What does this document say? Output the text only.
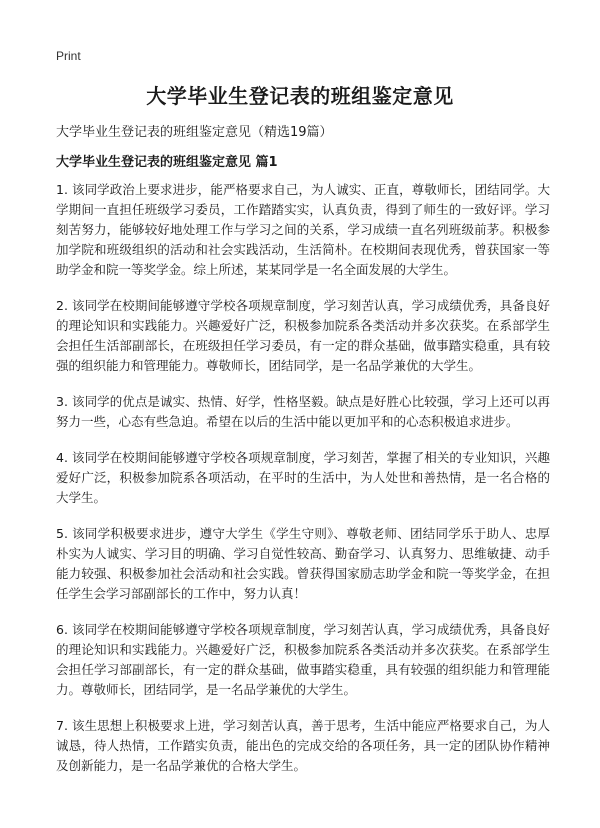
Print
大学毕业生登记表的班组鉴定意见

大学毕业生登记表的班组鉴定意见（精选19篇）

大学毕业生登记表的班组鉴定意见 篇1

1. 该同学政治上要求进步，能严格要求自己，为人诚实、正直，尊敬师长，团结同学。大学期间一直担任班级学习委员，工作踏踏实实，认真负责，得到了师生的一致好评。学习刻苦努力，能够较好地处理工作与学习之间的关系，学习成绩一直名列班级前茅。积极参加学院和班级组织的活动和社会实践活动，生活简朴。在校期间表现优秀，曾获国家一等助学金和院一等奖学金。综上所述，某某同学是一名全面发展的大学生。

2. 该同学在校期间能够遵守学校各项规章制度，学习刻苦认真，学习成绩优秀，具备良好的理论知识和实践能力。兴趣爱好广泛，积极参加院系各类活动并多次获奖。在系部学生会担任生活部副部长，在班级担任学习委员，有一定的群众基础，做事踏实稳重，具有较强的组织能力和管理能力。尊敬师长，团结同学，是一名品学兼优的大学生。

3. 该同学的优点是诚实、热情、好学，性格坚毅。缺点是好胜心比较强，学习上还可以再努力一些，心态有些急迫。希望在以后的生活中能以更加平和的心态积极追求进步。

4. 该同学在校期间能够遵守学校各项规章制度，学习刻苦，掌握了相关的专业知识，兴趣爱好广泛，积极参加院系各项活动，在平时的生活中，为人处世和善热情，是一名合格的大学生。

5. 该同学积极要求进步，遵守大学生《学生守则》、尊敬老师、团结同学乐于助人、忠厚朴实为人诚实、学习目的明确、学习自觉性较高、勤奋学习、认真努力、思维敏捷、动手能力较强、积极参加社会活动和社会实践。曾获得国家励志助学金和院一等奖学金，在担任学生会学习部副部长的工作中，努力认真！

6. 该同学在校期间能够遵守学校各项规章制度，学习刻苦认真，学习成绩优秀，具备良好的理论知识和实践能力。兴趣爱好广泛，积极参加院系各类活动并多次获奖。在系部学生会担任学习部副部长，有一定的群众基础，做事踏实稳重，具有较强的组织能力和管理能力。尊敬师长，团结同学，是一名品学兼优的大学生。

7. 该生思想上积极要求上进，学习刻苦认真，善于思考，生活中能应严格要求自己，为人诚恳，待人热情，工作踏实负责，能出色的完成交给的各项任务，具一定的团队协作精神及创新能力，是一名品学兼优的合格大学生。
